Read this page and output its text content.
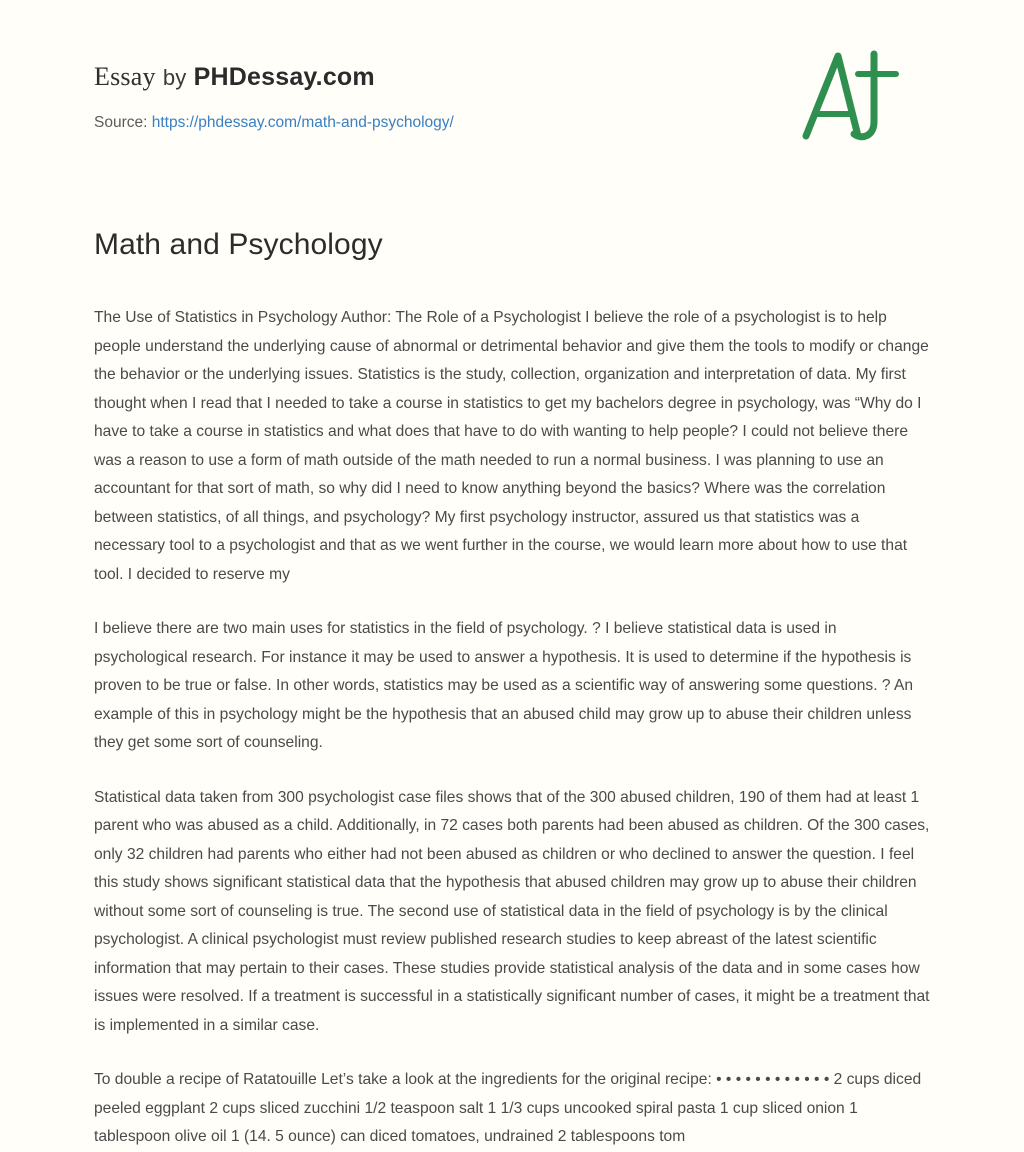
Essay by PHDessay.com
Source: https://phdessay.com/math-and-psychology/
Math and Psychology

The Use of Statistics in Psychology Author: The Role of a Psychologist I believe the role of a psychologist is to help people understand the underlying cause of abnormal or detrimental behavior and give them the tools to modify or change the behavior or the underlying issues. Statistics is the study, collection, organization and interpretation of data. My first thought when I read that I needed to take a course in statistics to get my bachelors degree in psychology, was “Why do I have to take a course in statistics and what does that have to do with wanting to help people? I could not believe there was a reason to use a form of math outside of the math needed to run a normal business. I was planning to use an accountant for that sort of math, so why did I need to know anything beyond the basics? Where was the correlation between statistics, of all things, and psychology? My first psychology instructor, assured us that statistics was a necessary tool to a psychologist and that as we went further in the course, we would learn more about how to use that tool. I decided to reserve my

I believe there are two main uses for statistics in the field of psychology. ? I believe statistical data is used in psychological research. For instance it may be used to answer a hypothesis. It is used to determine if the hypothesis is proven to be true or false. In other words, statistics may be used as a scientific way of answering some questions. ? An example of this in psychology might be the hypothesis that an abused child may grow up to abuse their children unless they get some sort of counseling.

Statistical data taken from 300 psychologist case files shows that of the 300 abused children, 190 of them had at least 1 parent who was abused as a child. Additionally, in 72 cases both parents had been abused as children. Of the 300 cases, only 32 children had parents who either had not been abused as children or who declined to answer the question. I feel this study shows significant statistical data that the hypothesis that abused children may grow up to abuse their children without some sort of counseling is true. The second use of statistical data in the field of psychology is by the clinical psychologist. A clinical psychologist must review published research studies to keep abreast of the latest scientific information that may pertain to their cases. These studies provide statistical analysis of the data and in some cases how issues were resolved. If a treatment is successful in a statistically significant number of cases, it might be a treatment that is implemented in a similar case.

To double a recipe of Ratatouille Let’s take a look at the ingredients for the original recipe: • • • • • • • • • • • • 2 cups diced peeled eggplant 2 cups sliced zucchini 1/2 teaspoon salt 1 1/3 cups uncooked spiral pasta 1 cup sliced onion 1 tablespoon olive oil 1 (14. 5 ounce) can diced tomatoes, undrained 2 tablespoons tom
